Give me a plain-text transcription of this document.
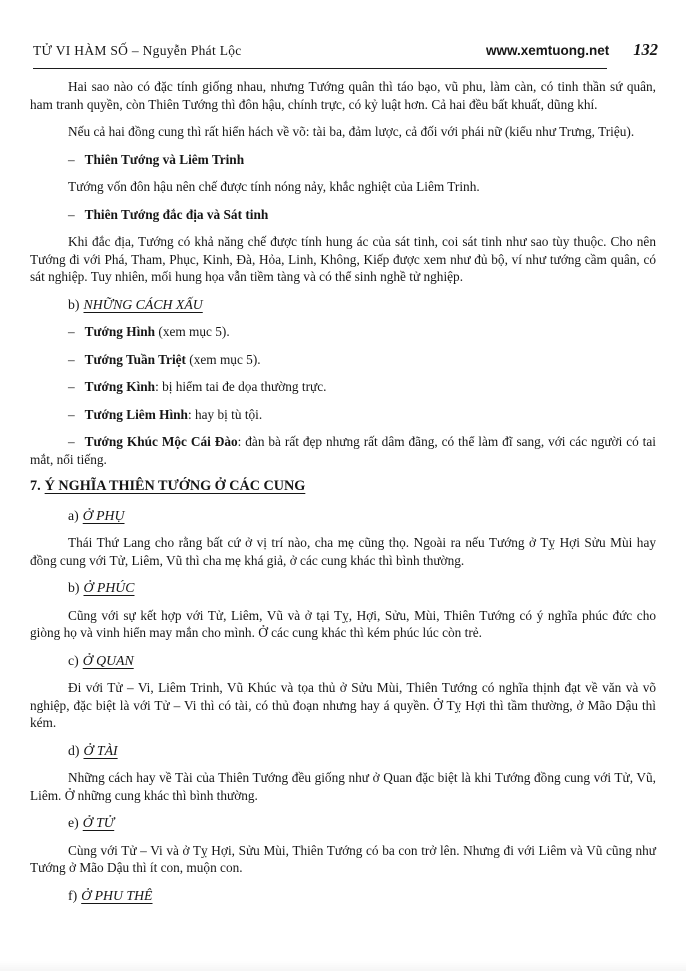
TỬ VI HÀM SỐ – Nguyễn Phát Lộc	www.xemtuong.net 132

Hai sao nào có đặc tính giống nhau, nhưng Tướng quân thì táo bạo, vũ phu, làm càn, có tinh thần sứ quân, ham tranh quyền, còn Thiên Tướng thì đôn hậu, chính trực, có kỷ luật hơn. Cả hai đều bất khuất, dũng khí.

Nếu cả hai đồng cung thì rất hiển hách về võ: tài ba, đảm lược, cả đối với phái nữ (kiểu như Trưng, Triệu).

– Thiên Tướng và Liêm Trinh

Tướng vốn đôn hậu nên chế được tính nóng nảy, khắc nghiệt của Liêm Trinh.

– Thiên Tướng đắc địa và Sát tinh

Khi đắc địa, Tướng có khả năng chế được tính hung ác của sát tinh, coi sát tinh như sao tùy thuộc. Cho nên Tướng đi với Phá, Tham, Phục, Kinh, Đà, Hỏa, Linh, Không, Kiếp được xem như đủ bộ, ví như tướng cầm quân, có sát nghiệp. Tuy nhiên, mối hung họa vẫn tiềm tàng và có thể sinh nghề tử nghiệp.

b) NHỮNG CÁCH XẤU

– Tướng Hình (xem mục 5).

– Tướng Tuần Triệt (xem mục 5).

– Tướng Kình: bị hiểm tai đe dọa thường trực.

– Tướng Liêm Hình: hay bị tù tội.

– Tướng Khúc Mộc Cái Đào: đàn bà rất đẹp nhưng rất dâm đãng, có thể làm đĩ sang, với các người có tai mắt, nổi tiếng.

7. Ý NGHĨA THIÊN TƯỚNG Ở CÁC CUNG

a) Ở PHỤ

Thái Thứ Lang cho rằng bất cứ ở vị trí nào, cha mẹ cũng thọ. Ngoài ra nếu Tướng ở Tỵ Hợi Sửu Mùi hay đồng cung với Tử, Liêm, Vũ thì cha mẹ khá giả, ở các cung khác thì bình thường.

b) Ở PHÚC

Cũng với sự kết hợp với Tử, Liêm, Vũ và ở tại Tỵ, Hợi, Sửu, Mùi, Thiên Tướng có ý nghĩa phúc đức cho giòng họ và vinh hiển may mắn cho mình. Ở các cung khác thì kém phúc lúc còn trẻ.

c) Ở QUAN

Đi với Tử – Vi, Liêm Trinh, Vũ Khúc và tọa thủ ở Sửu Mùi, Thiên Tướng có nghĩa thịnh đạt về văn và võ nghiệp, đặc biệt là với Tử – Vi thì có tài, có thủ đoạn nhưng hay á quyền. Ở Tỵ Hợi thì tầm thường, ở Mão Dậu thì kém.

d) Ở TÀI

Những cách hay về Tài của Thiên Tướng đều giống như ở Quan đặc biệt là khi Tướng đồng cung với Tử, Vũ, Liêm. Ở những cung khác thì bình thường.

e) Ở TỬ

Cùng với Tử – Vi và ở Tỵ Hợi, Sửu Mùi, Thiên Tướng có ba con trở lên. Nhưng đi với Liêm và Vũ cũng như Tướng ở Mão Dậu thì ít con, muộn con.

f) Ở PHU THÊ
